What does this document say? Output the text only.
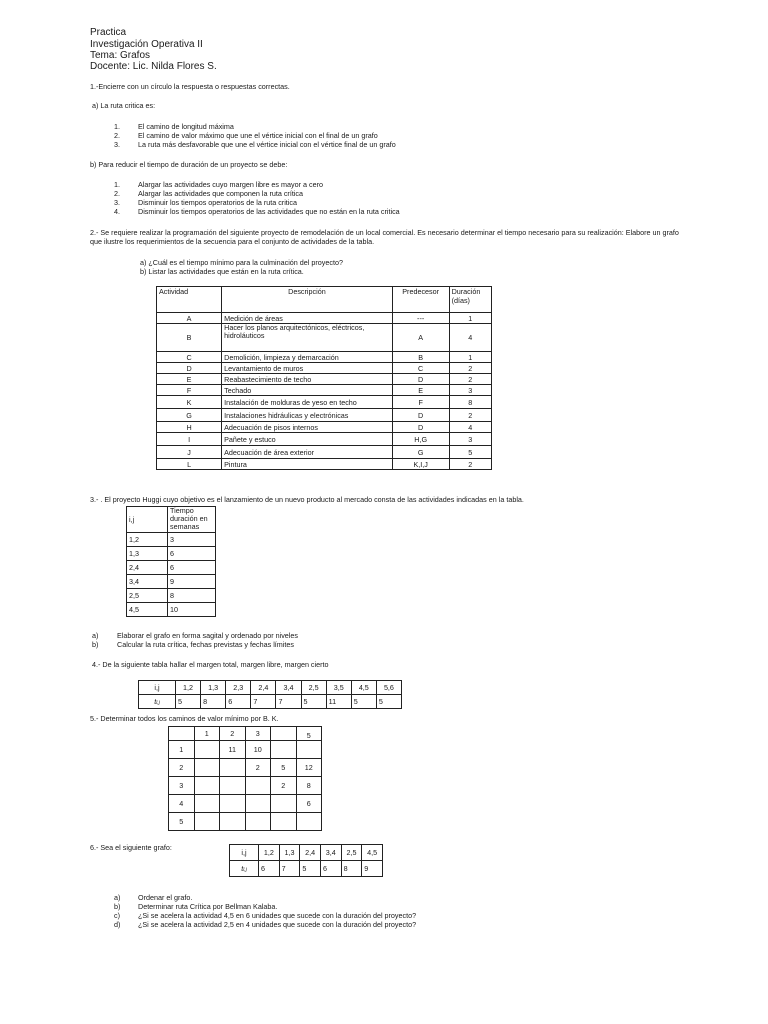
Practica
Investigación Operativa II
Tema: Grafos
Docente: Lic. Nilda Flores S.
1.-Encierre con un círculo la respuesta o respuestas correctas.
a) La ruta critica es:
1.	El camino de longitud máxima
2.	El camino de valor máximo que une el vértice inicial con el final de un grafo
3.	La ruta más desfavorable que une el vértice inicial con el vértice final de un grafo
b) Para reducir el tiempo de duración de un proyecto se debe:
1.	Alargar las actividades cuyo margen libre es mayor a cero
2.	Alargar las actividades que componen la ruta crítica
3.	Disminuir los tiempos operatorios de la ruta critica
4.	Disminuir los tiempos operatorios de las actividades que no están en la ruta critica
2.- Se requiere realizar la programación del siguiente proyecto de remodelación de un local comercial. Es necesario determinar el tiempo necesario para su realización: Elabore un grafo que ilustre los requerimientos de la secuencia para el conjunto de actividades de la tabla.
a) ¿Cuál es el tiempo mínimo para la culminación del proyecto?
b) Listar las actividades que están en la ruta crítica.
Actividad	Descripción	Predecesor	Duración (días)
A	Medición de áreas	---	1
B	Hacer los planos arquitectónicos, eléctricos, hidroláuticos	A	4
C	Demolición, limpieza y demarcación	B	1
D	Levantamiento de muros	C	2
E	Reabastecimiento de techo	D	2
F	Techado	E	3
K	Instalación de molduras de yeso en techo	F	8
G	Instalaciones hidráulicas y electrónicas	D	2
H	Adecuación de pisos internos	D	4
I	Pañete y estuco	H,G	3
J	Adecuación de área exterior	G	5
L	Pintura	K,I,J	2
3.- . El proyecto Huggi cuyo objetivo es el lanzamiento de un nuevo producto al mercado consta de las actividades indicadas en la tabla.
i,j	Tiempo duración en semanas
1,2	3
1,3	6
2,4	6
3,4	9
2,5	8
4,5	10
a)	Elaborar el grafo en forma sagital y ordenado por niveles
b)	Calcular la ruta crítica, fechas previstas y fechas límites
4.- De la siguiente tabla hallar el margen total, margen libre, margen cierto
i,j	1,2	1,3	2,3	2,4	3,4	2,5	3,5	4,5	5,6
ti,j	5	8	6	7	7	5	11	5	5
5.- Determinar todos los caminos de valor mínimo por B. K.
	1	2	3		5
1		11	10		
2			2	5	12
3				2	8
4					6
5					
6.- Sea el siguiente grafo:
i,j	1,2	1,3	2,4	3,4	2,5	4,5
ti,j	6	7	5	6	8	9
a) Ordenar el grafo.
b) Determinar ruta Crítica por Bellman Kalaba.
c)	¿Si se acelera la actividad 4,5 en 6 unidades que sucede con la duración del proyecto?
d) ¿Si se acelera la actividad 2,5 en 4 unidades que sucede con la duración del proyecto?
